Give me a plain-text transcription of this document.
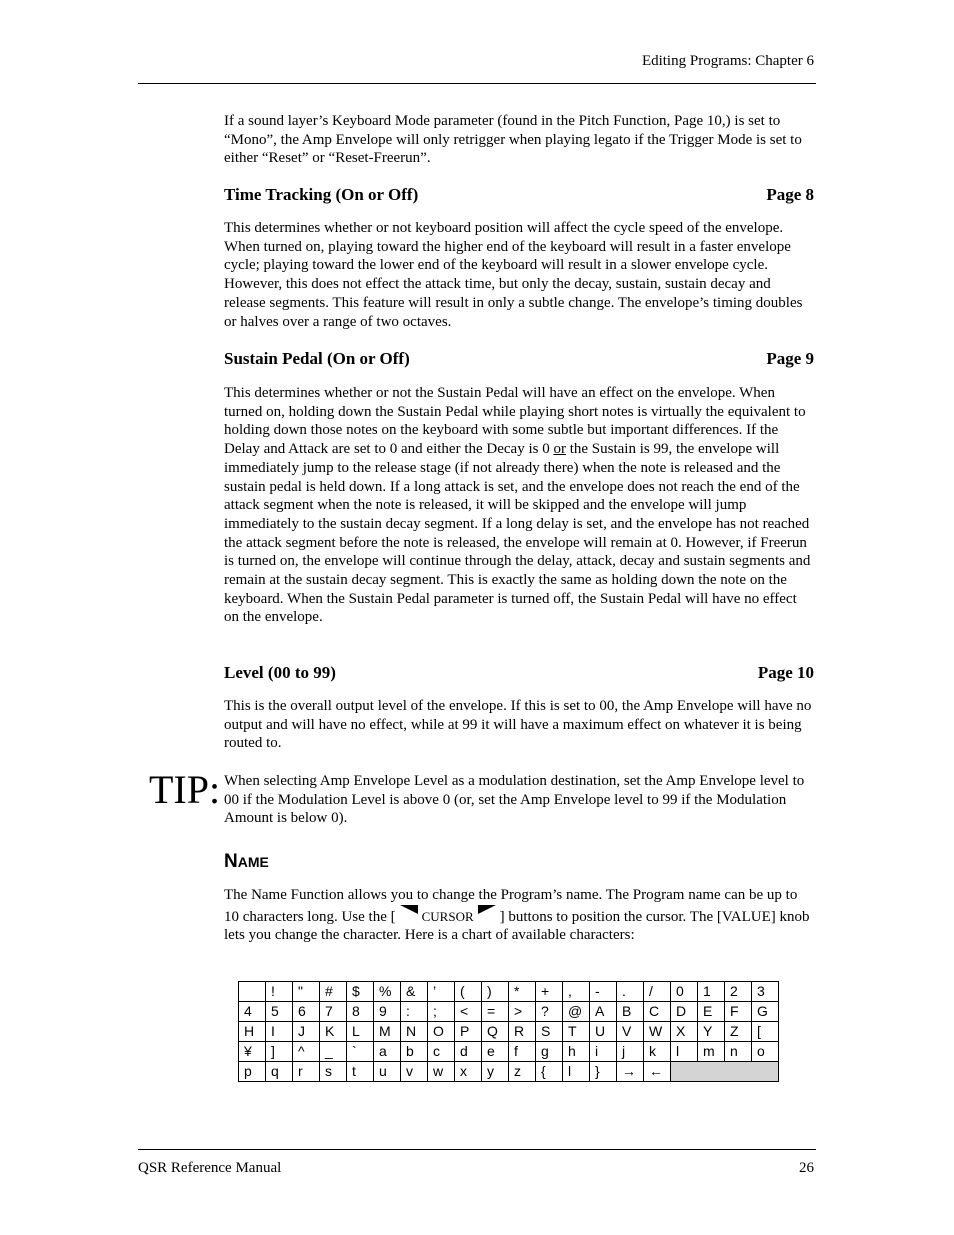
Editing Programs: Chapter 6

If a sound layer’s Keyboard Mode parameter (found in the Pitch Function, Page 10,) is set to “Mono”, the Amp Envelope will only retrigger when playing legato if the Trigger Mode is set to either “Reset” or “Reset-Freerun”.

Time Tracking (On or Off)	Page 8

This determines whether or not keyboard position will affect the cycle speed of the envelope. When turned on, playing toward the higher end of the keyboard will result in a faster envelope cycle; playing toward the lower end of the keyboard will result in a slower envelope cycle. However, this does not effect the attack time, but only the decay, sustain, sustain decay and release segments. This feature will result in only a subtle change. The envelope’s timing doubles or halves over a range of two octaves.

Sustain Pedal (On or Off)	Page 9

This determines whether or not the Sustain Pedal will have an effect on the envelope. When turned on, holding down the Sustain Pedal while playing short notes is virtually the equivalent to holding down those notes on the keyboard with some subtle but important differences. If the Delay and Attack are set to 0 and either the Decay is 0 or the Sustain is 99, the envelope will immediately jump to the release stage (if not already there) when the note is released and the sustain pedal is held down. If a long attack is set, and the envelope does not reach the end of the attack segment when the note is released, it will be skipped and the envelope will jump immediately to the sustain decay segment. If a long delay is set, and the envelope has not reached the attack segment before the note is released, the envelope will remain at 0. However, if Freerun is turned on, the envelope will continue through the delay, attack, decay and sustain segments and remain at the sustain decay segment. This is exactly the same as holding down the note on the keyboard. When the Sustain Pedal parameter is turned off, the Sustain Pedal will have no effect on the envelope.

Level (00 to 99)	Page 10

This is the overall output level of the envelope. If this is set to 00, the Amp Envelope will have no output and will have no effect, while at 99 it will have a maximum effect on whatever it is being routed to.

TIP: When selecting Amp Envelope Level as a modulation destination, set the Amp Envelope level to 00 if the Modulation Level is above 0 (or, set the Amp Envelope level to 99 if the Modulation Amount is below 0).

NAME

The Name Function allows you to change the Program’s name. The Program name can be up to 10 characters long. Use the [ CURSOR ] buttons to position the cursor. The [VALUE] knob lets you change the character. Here is a chart of available characters:

	!	"	#	$	%	&	’	(	)	*	+	,	-	.	/	0	1	2	3
4	5	6	7	8	9	:	;	<	=	>	?	@	A	B	C	D	E	F	G
H	I	J	K	L	M	N	O	P	Q	R	S	T	U	V	W	X	Y	Z	[
¥	]	^	_	`	a	b	c	d	e	f	g	h	i	j	k	l	m	n	o
p	q	r	s	t	u	v	w	x	y	z	{	l	}	→	←				
QSR Reference Manual	26
